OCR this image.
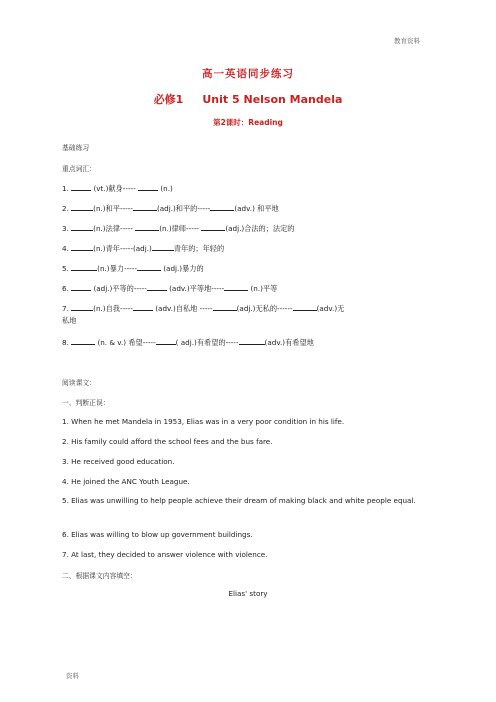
教育资料
高一英语同步练习
必修1     Unit 5 Nelson Mandela
第2课时：Reading
基础练习
重点词汇：
1.	(vt.)献身-----	(n.)
2.	(n.)和平-----	(adj.)和平的-----	(adv.) 和平地
3.	(n.)法律-----	(n.)律师-----	(adj.)合法的；法定的
4.	(n.)青年-----(adj.)	青年的；年轻的
5.	(n.)暴力-----	(adj.)暴力的
6.	(adj.)平等的-----	(adv.)平等地-----	(n.)平等
7.	(n.)自我-----	(adv.)自私地 -----	(adj.)无私的------	(adv.)无
私地
8.	(n. & v.) 希望-----	( adj.)有希望的-----	(adv.)有希望地
阅读课文：
一、判断正误：
1. When he met Mandela in 1953, Elias was in a very poor condition in his life.
2. His family could afford the school fees and the bus fare.
3. He received good education.
4. He joined the ANC Youth League.
5. Elias was unwilling to help people achieve their dream of making black and white people equal.
6. Elias was willing to blow up government buildings.
7. At last, they decided to answer violence with violence.
二、根据课文内容填空：
Elias' story
资料
